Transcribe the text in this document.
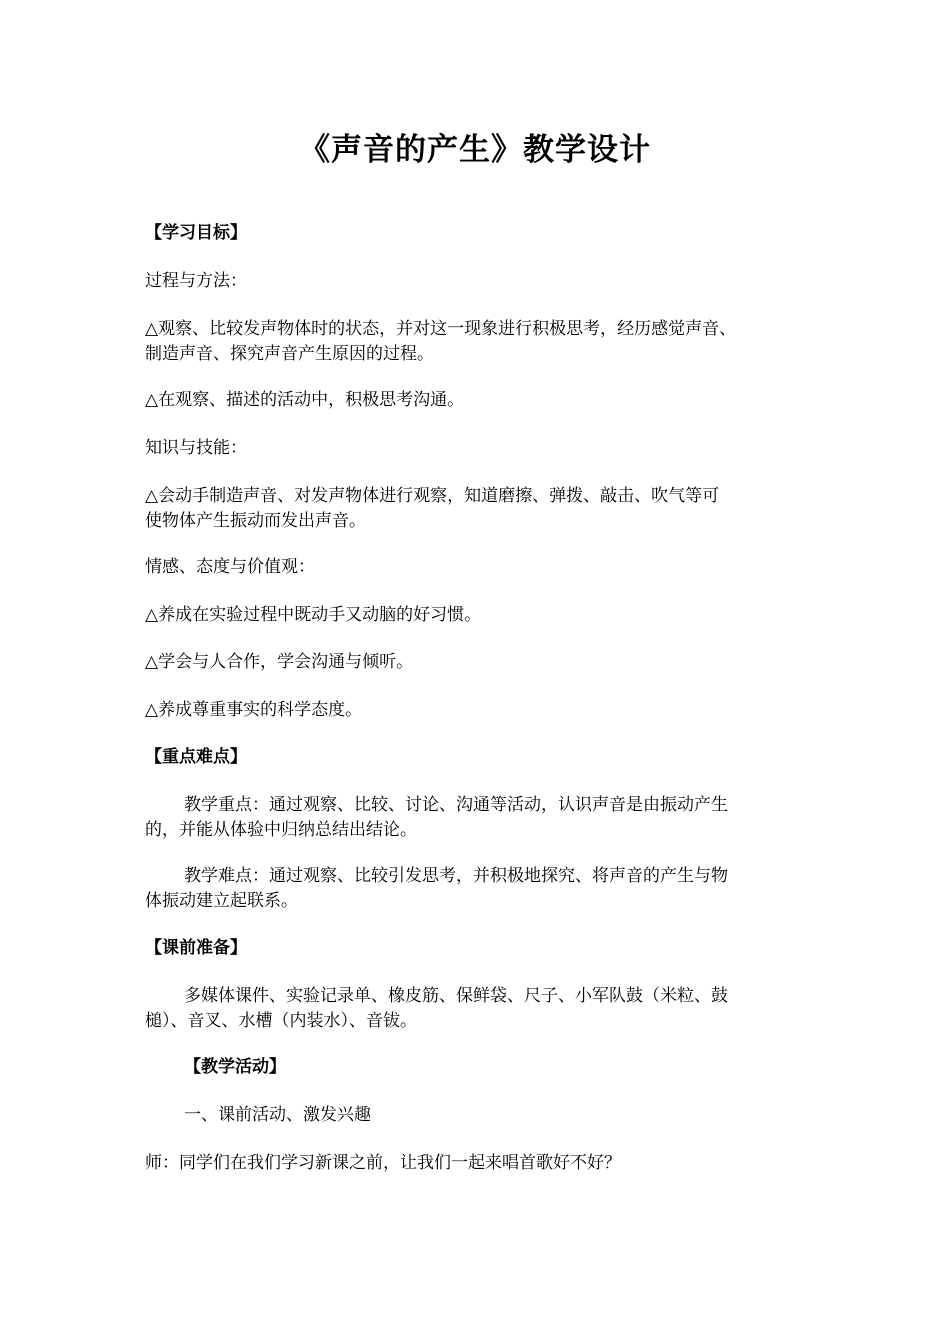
《声音的产生》教学设计
【学习目标】
过程与方法：
△观察、比较发声物体时的状态，并对这一现象进行积极思考，经历感觉声音、
制造声音、探究声音产生原因的过程。
△在观察、描述的活动中，积极思考沟通。
知识与技能：
△会动手制造声音、对发声物体进行观察，知道磨擦、弹拨、敲击、吹气等可
使物体产生振动而发出声音。
情感、态度与价值观：
△养成在实验过程中既动手又动脑的好习惯。
△学会与人合作，学会沟通与倾听。
△养成尊重事实的科学态度。
【重点难点】
教学重点：通过观察、比较、讨论、沟通等活动，认识声音是由振动产生
的，并能从体验中归纳总结出结论。
教学难点：通过观察、比较引发思考，并积极地探究、将声音的产生与物
体振动建立起联系。
【课前准备】
多媒体课件、实验记录单、橡皮筋、保鲜袋、尺子、小军队鼓（米粒、鼓
槌）、音叉、水槽（内装水）、音钹。
【教学活动】
一、课前活动、激发兴趣
师：同学们在我们学习新课之前，让我们一起来唱首歌好不好？
